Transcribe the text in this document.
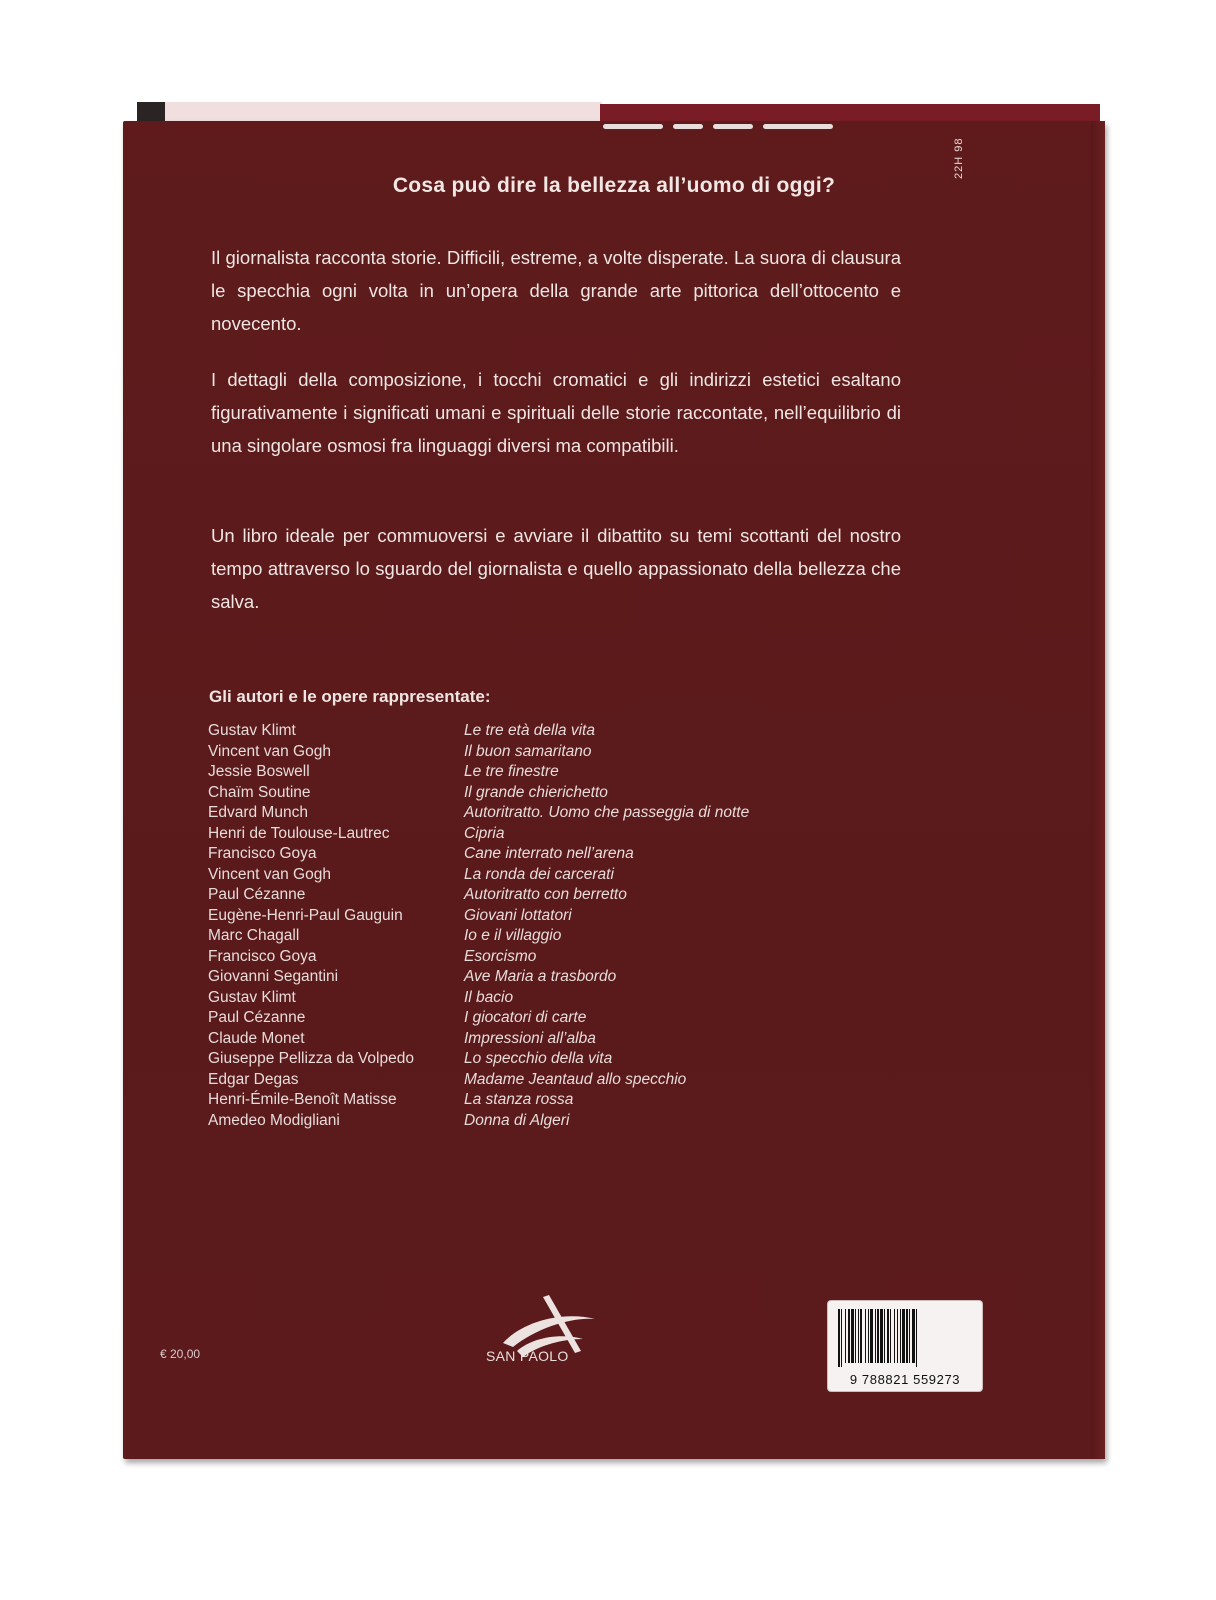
22H 98
Cosa può dire la bellezza all’uomo di oggi?

Il giornalista racconta storie. Difficili, estreme, a volte disperate. La suora di clausura le specchia ogni volta in un’opera della grande arte pittorica dell’ottocento e novecento.

I dettagli della composizione, i tocchi cromatici e gli indirizzi estetici esaltano figurativamente i significati umani e spirituali delle storie raccontate, nell’equilibrio di una singolare osmosi fra linguaggi diversi ma compatibili.

Un libro ideale per commuoversi e avviare il dibattito su temi scottanti del nostro tempo attraverso lo sguardo del giornalista e quello appassionato della bellezza che salva.

Gli autori e le opere rappresentate:
Gustav Klimt	Le tre età della vita
Vincent van Gogh	Il buon samaritano
Jessie Boswell	Le tre finestre
Chaïm Soutine	Il grande chierichetto
Edvard Munch	Autoritratto. Uomo che passeggia di notte
Henri de Toulouse-Lautrec	Cipria
Francisco Goya	Cane interrato nell’arena
Vincent van Gogh	La ronda dei carcerati
Paul Cézanne	Autoritratto con berretto
Eugène-Henri-Paul Gauguin	Giovani lottatori
Marc Chagall	Io e il villaggio
Francisco Goya	Esorcismo
Giovanni Segantini	Ave Maria a trasbordo
Gustav Klimt	Il bacio
Paul Cézanne	I giocatori di carte
Claude Monet	Impressioni all’alba
Giuseppe Pellizza da Volpedo	Lo specchio della vita
Edgar Degas	Madame Jeantaud allo specchio
Henri-Émile-Benoît Matisse	La stanza rossa
Amedeo Modigliani	Donna di Algeri
€ 20,00	SAN PAOLO
9 788821 559273
